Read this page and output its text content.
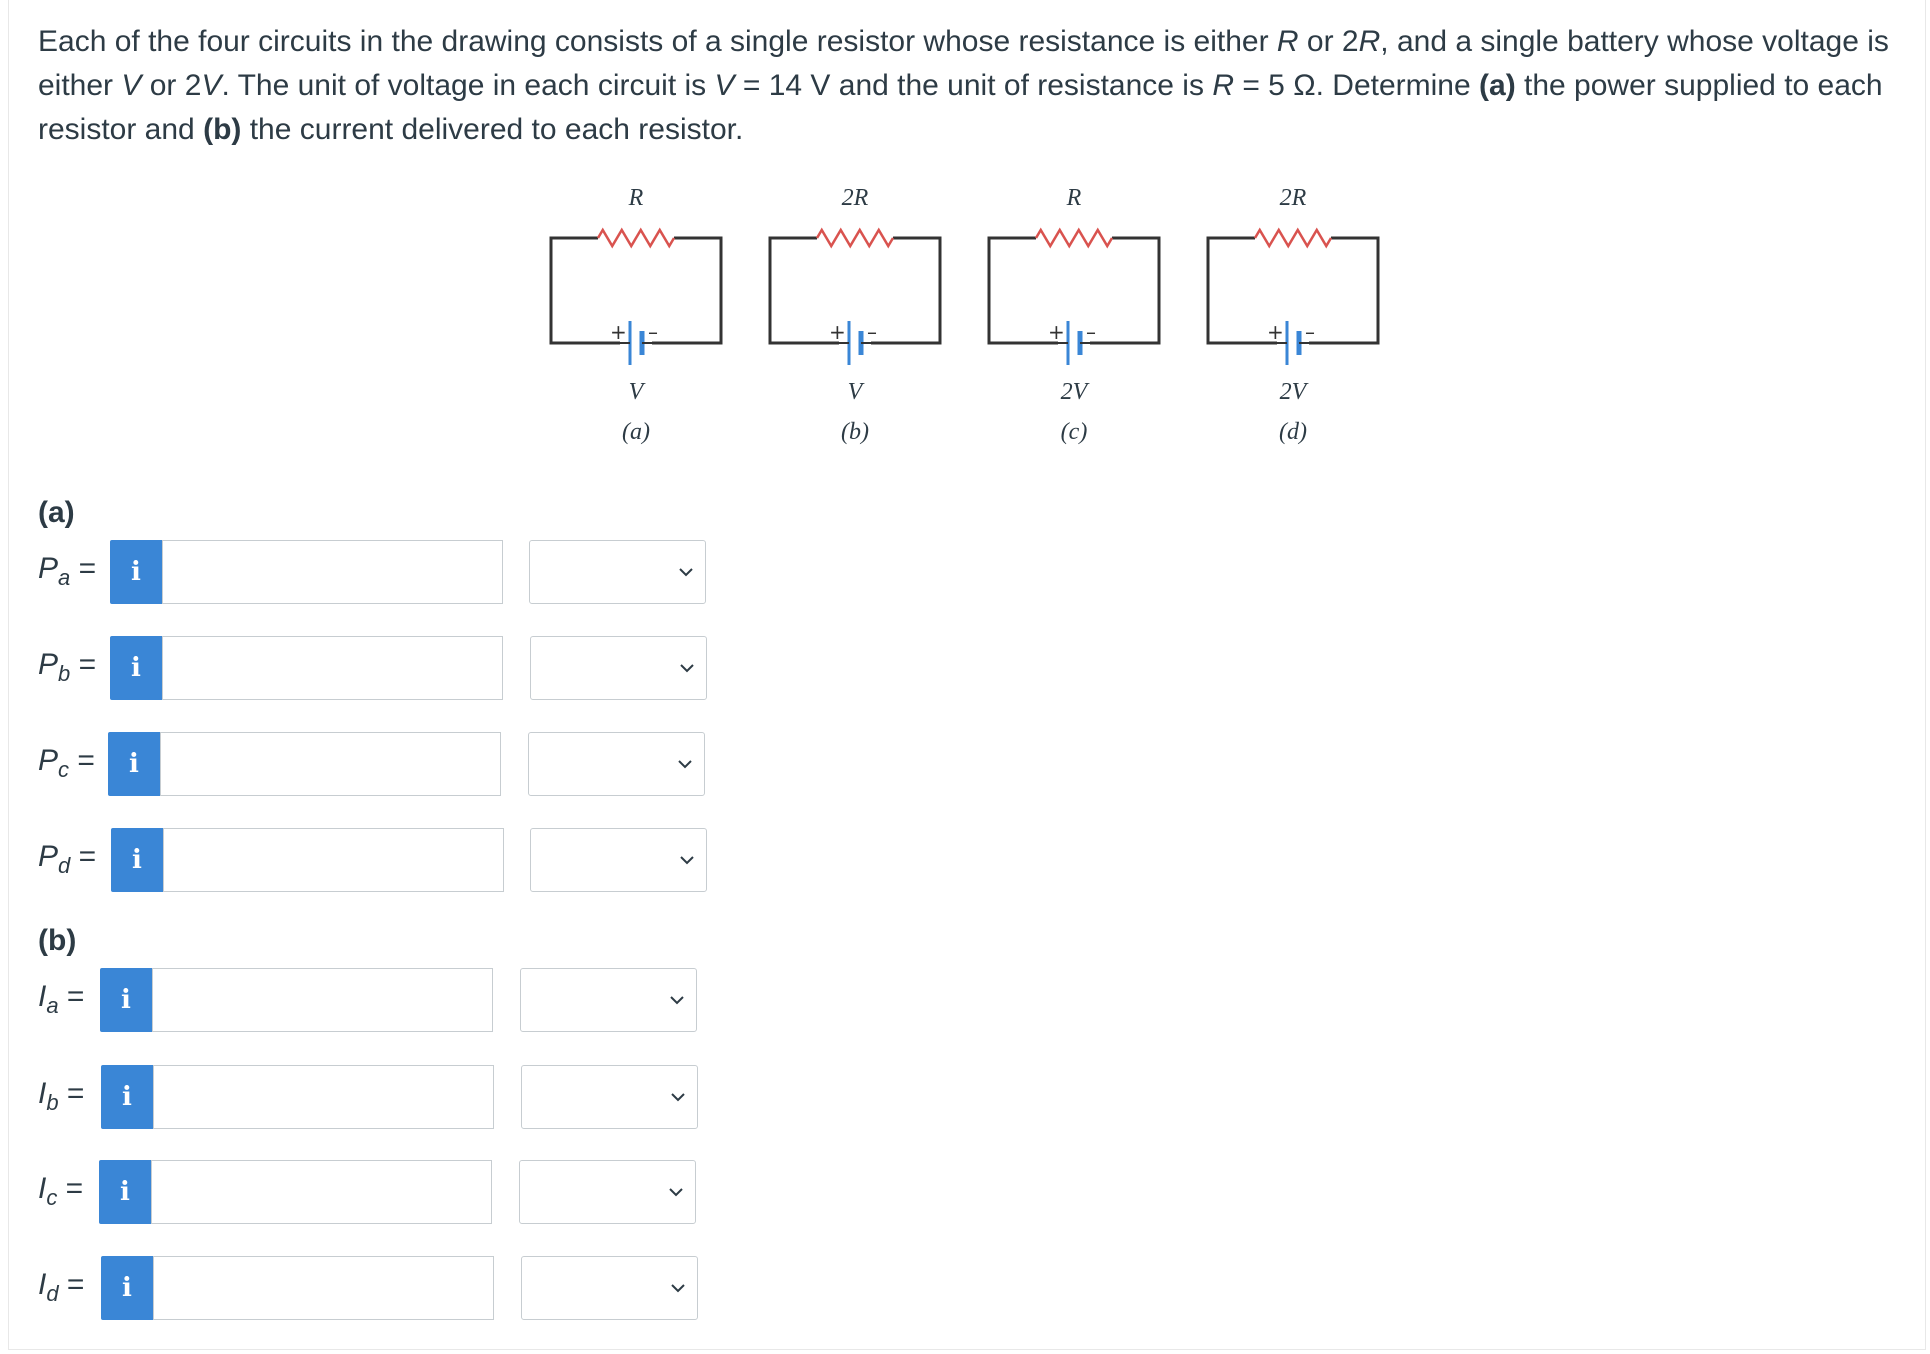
Each of the four circuits in the drawing consists of a single resistor whose resistance is either R or 2R, and a single battery whose voltage is either V or 2V. The unit of voltage in each circuit is V = 14 V and the unit of resistance is R = 5 Ω. Determine (a) the power supplied to each resistor and (b) the current delivered to each resistor.
+ –
R
V
(a)
+ –
2R
V
(b)
+ –
R
2V
(c)
+ –
2R
2V
(d)
(a)
$P_a = i$
$P_b = i$
$P_c = i$
$P_d = i$
(b)
$I_a = i$
$I_b = i$
$I_c = i$
$I_d = i$
